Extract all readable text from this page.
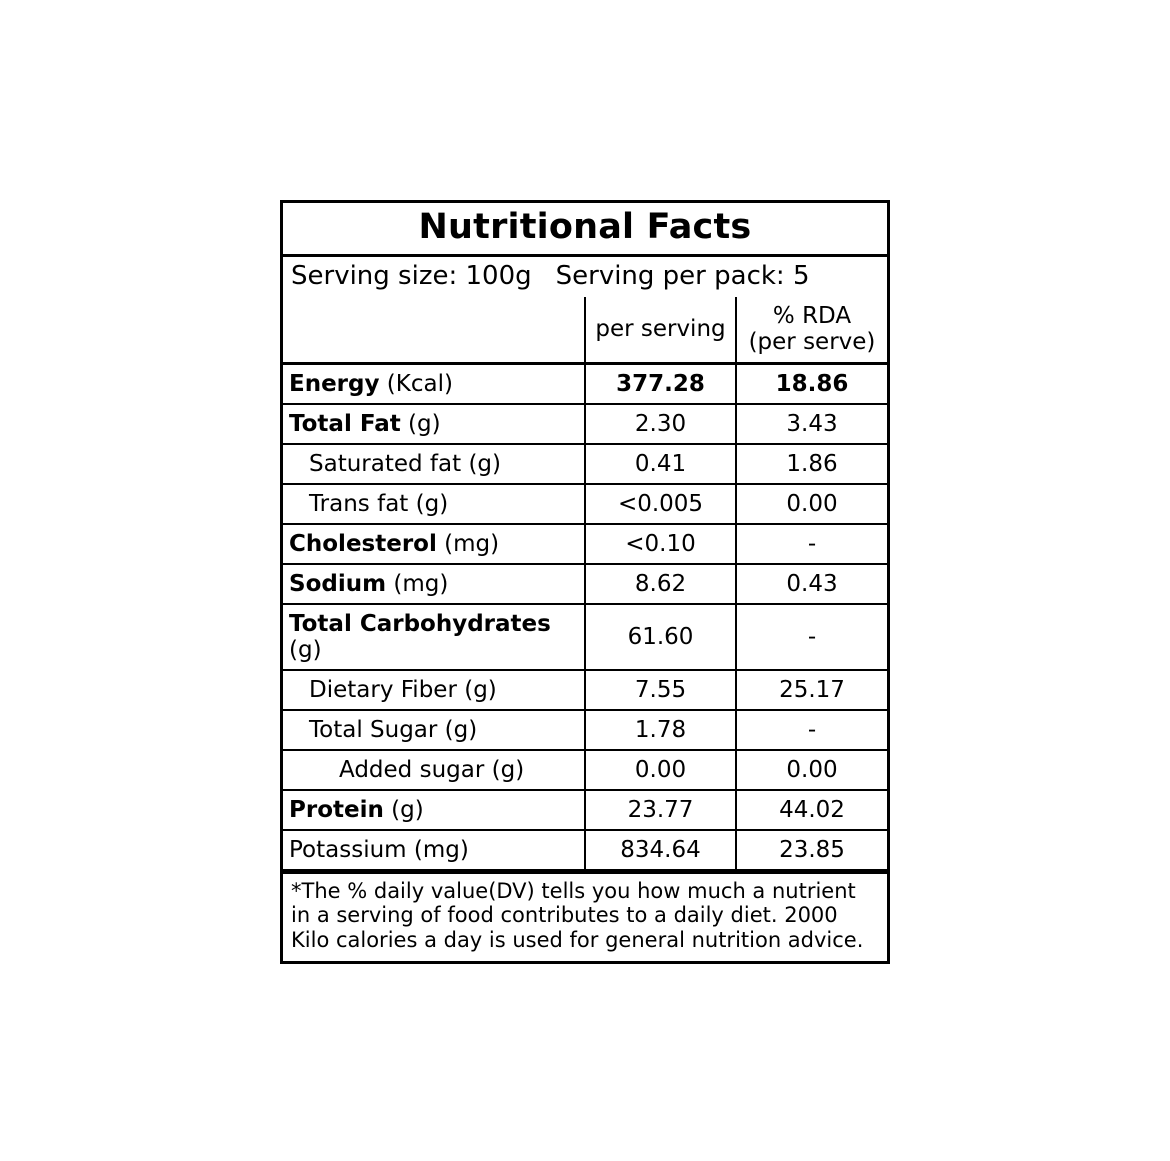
Nutritional Facts
Serving size: 100g Serving per pack: 5
	per serving	% RDA
(per serve)

Energy (Kcal)	377.28	18.86
Total Fat (g)	2.30	3.43
Saturated fat (g)	0.41	1.86
Trans fat (g)	<0.005	0.00
Cholesterol (mg)	<0.10	-
Sodium (mg)	8.62	0.43
Total Carbohydrates (g)	61.60	-
Dietary Fiber (g)	7.55	25.17
Total Sugar (g)	1.78	-
Added sugar (g)	0.00	0.00
Protein (g)	23.77	44.02
Potassium (mg)	834.64	23.85
*The % daily value(DV) tells you how much a nutrient in a serving of food contributes to a daily diet. 2000 Kilo calories a day is used for general nutrition advice.
